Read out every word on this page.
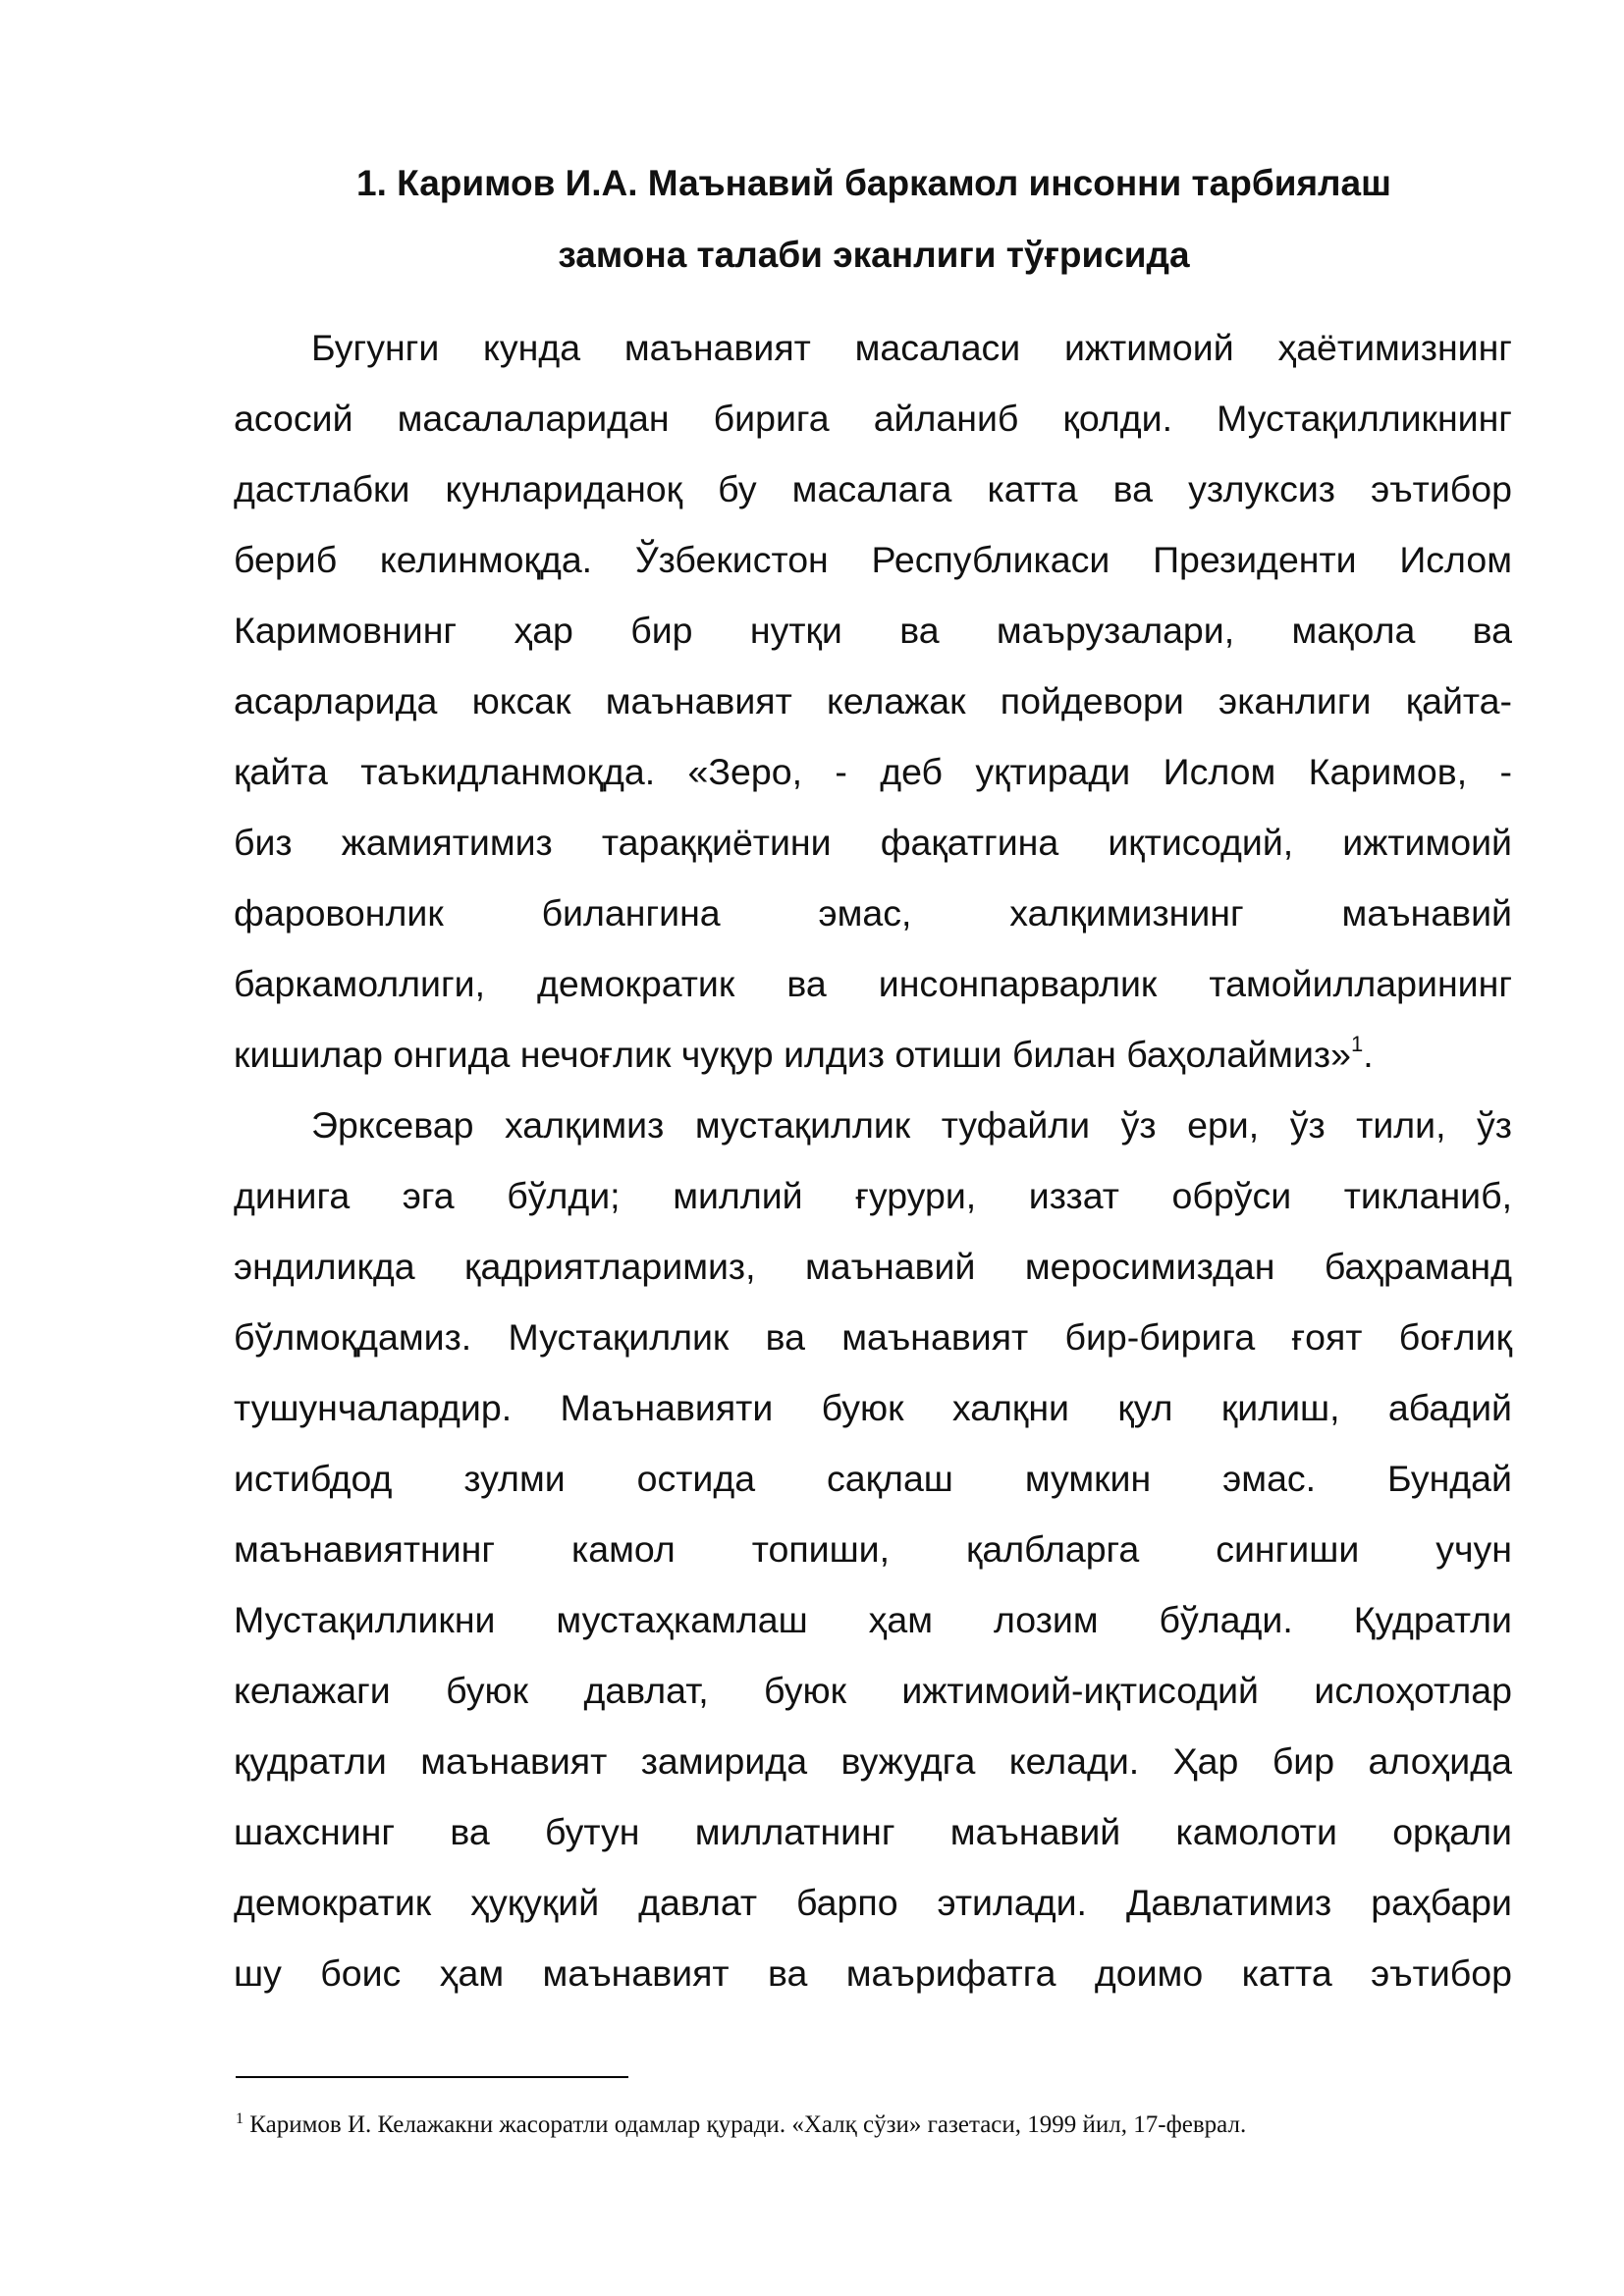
1. Каримов И.А. Маънавий баркамол инсонни тарбиялаш
замона талаби эканлиги тўғрисида
Бугунги кунда маънавият масаласи ижтимоий ҳаётимизнинг
асосий масалаларидан бирига айланиб қолди. Мустақилликнинг
дастлабки кунлариданоқ бу масалага катта ва узлуксиз эътибор
бериб келинмоқда. Ўзбекистон Республикаси Президенти Ислом
Каримовнинг ҳар бир нутқи ва маърузалари, мақола ва
асарларида юксак маънавият келажак пойдевори эканлиги қайта-
қайта таъкидланмоқда. «Зеро, - деб уқтиради Ислом Каримов, -
биз жамиятимиз тараққиётини фақатгина иқтисодий, ижтимоий
фаровонлик билангина эмас, халқимизнинг маънавий
баркамоллиги, демократик ва инсонпарварлик тамойилларининг
кишилар онгида нечоғлик чуқур илдиз отиши билан баҳолаймиз»$^1$.
Эрксевар халқимиз мустақиллик туфайли ўз ери, ўз тили, ўз
динига эга бўлди; миллий ғурури, иззат обрўси тикланиб,
эндиликда қадриятларимиз, маънавий меросимиздан баҳраманд
бўлмоқдамиз. Мустақиллик ва маънавият бир-бирига ғоят боғлиқ
тушунчалардир. Маънавияти буюк халқни қул қилиш, абадий
истибдод зулми остида сақлаш мумкин эмас. Бундай
маънавиятнинг камол топиши, қалбларга сингиши учун
Мустақилликни мустаҳкамлаш ҳам лозим бўлади. Қудратли
келажаги буюк давлат, буюк ижтимоий-иқтисодий ислоҳотлар
қудратли маънавият замирида вужудга келади. Ҳар бир алоҳида
шахснинг ва бутун миллатнинг маънавий камолоти орқали
демократик ҳуқуқий давлат барпо этилади. Давлатимиз раҳбари
шу боис ҳам маънавият ва маърифатга доимо катта эътибор
$^1$ Каримов И. Келажакни жасоратли одамлар қуради. «Халқ сўзи» газетаси, 1999 йил, 17-феврал.
